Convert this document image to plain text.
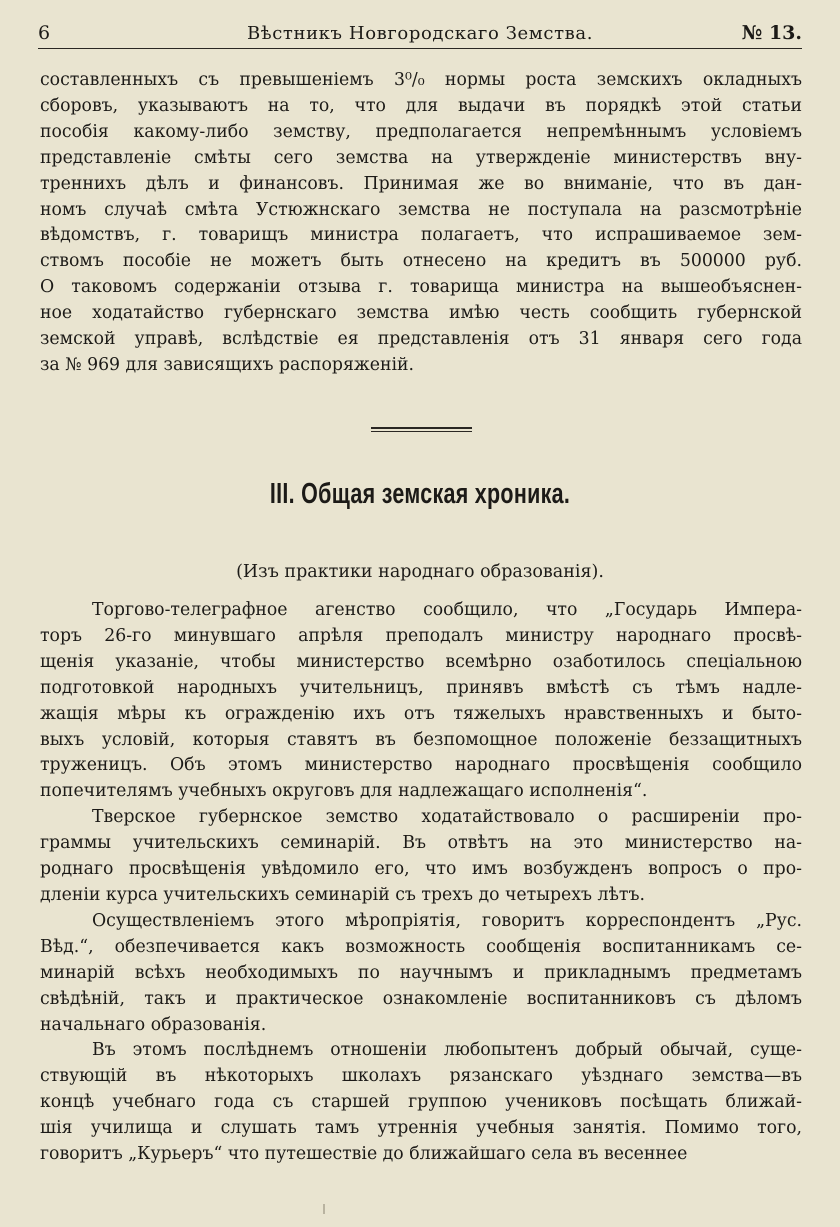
6	Вѣстникъ Новгородскаго Земства.	№ 13.
составленныхъ съ превышеніемъ 3⁰/₀ нормы роста земскихъ окладныхъ
сборовъ, указываютъ на то, что для выдачи въ порядкѣ этой статьи
пособія какому-либо земству, предполагается непремѣннымъ условіемъ
представленіе смѣты сего земства на утвержденіе министерствъ вну-
треннихъ дѣлъ и финансовъ. Принимая же во вниманіе, что въ дан-
номъ случаѣ смѣта Устюжнскаго земства не поступала на разсмотрѣніе
вѣдомствъ, г. товарищъ министра полагаетъ, что испрашиваемое зем-
ствомъ пособіе не можетъ быть отнесено на кредитъ въ 500000 руб.
О таковомъ содержаніи отзыва г. товарища министра на вышеобъяснен-
ное ходатайство губернскаго земства имѣю честь сообщить губернской
земской управѣ, вслѣдствіе ея представленія отъ 31 января сего года
за № 969 для зависящихъ распоряженій.
III. Общая земская хроника.
(Изъ практики народнаго образованія).
Торгово-телеграфное агенство сообщило, что „Государь Импера-
торъ 26-го минувшаго апрѣля преподалъ министру народнаго просвѣ-
щенія указаніе, чтобы министерство всемѣрно озаботилось спеціальною
подготовкой народныхъ учительницъ, принявъ вмѣстѣ съ тѣмъ надле-
жащія мѣры къ огражденію ихъ отъ тяжелыхъ нравственныхъ и быто-
выхъ условій, которыя ставятъ въ безпомощное положеніе беззащитныхъ
труженицъ. Объ этомъ министерство народнаго просвѣщенія сообщило
попечителямъ учебныхъ округовъ для надлежащаго исполненія“.
Тверское губернское земство ходатайствовало о расширеніи про-
граммы учительскихъ семинарій. Въ отвѣтъ на это министерство на-
роднаго просвѣщенія увѣдомило его, что имъ возбужденъ вопросъ о про-
дленіи курса учительскихъ семинарій съ трехъ до четырехъ лѣтъ.
Осуществленіемъ этого мѣропріятія, говоритъ корреспондентъ „Рус.
Вѣд.“, обезпечивается какъ возможность сообщенія воспитанникамъ се-
минарій всѣхъ необходимыхъ по научнымъ и прикладнымъ предметамъ
свѣдѣній, такъ и практическое ознакомленіе воспитанниковъ съ дѣломъ
начальнаго образованія.
Въ этомъ послѣднемъ отношеніи любопытенъ добрый обычай, суще-
ствующій въ нѣкоторыхъ школахъ рязанскаго уѣзднаго земства—въ
концѣ учебнаго года съ старшей группою учениковъ посѣщать ближай-
шія училища и слушать тамъ утреннія учебныя занятія. Помимо того,
говоритъ „Курьеръ“ что путешествіе до ближайшаго села въ весеннее
